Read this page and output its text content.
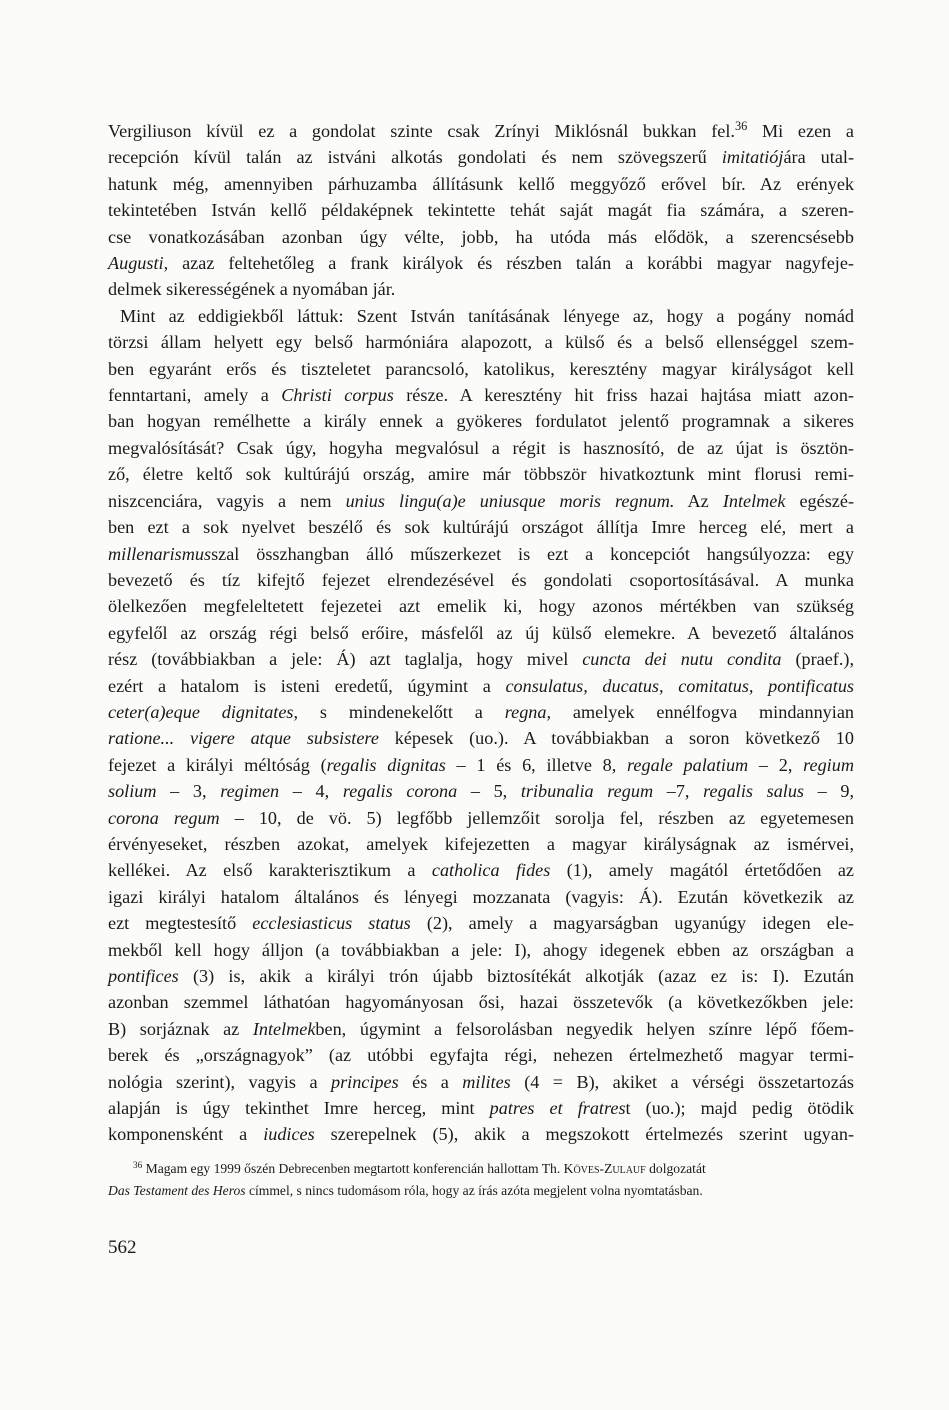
Vergiliuson kívül ez a gondolat szinte csak Zrínyi Miklósnál bukkan fel.$^{36}$ Mi ezen a
recepción kívül talán az istváni alkotás gondolati és nem szövegszerű imitatiójára utal-
hatunk még, amennyiben párhuzamba állításunk kellő meggyőző erővel bír. Az erények
tekintetében István kellő példaképnek tekintette tehát saját magát fia számára, a szeren-
cse vonatkozásában azonban úgy vélte, jobb, ha utóda más elődök, a szerencsésebb
Augusti, azaz feltehetőleg a frank királyok és részben talán a korábbi magyar nagyfeje-
delmek sikerességének a nyomában jár.
Mint az eddigiekből láttuk: Szent István tanításának lényege az, hogy a pogány nomád
törzsi állam helyett egy belső harmóniára alapozott, a külső és a belső ellenséggel szem-
ben egyaránt erős és tiszteletet parancsoló, katolikus, keresztény magyar királyságot kell
fenntartani, amely a Christi corpus része. A keresztény hit friss hazai hajtása miatt azon-
ban hogyan remélhette a király ennek a gyökeres fordulatot jelentő programnak a sikeres
megvalósítását? Csak úgy, hogyha megvalósul a régit is hasznosító, de az újat is ösztön-
ző, életre keltő sok kultúrájú ország, amire már többször hivatkoztunk mint florusi remi-
niszcenciára, vagyis a nem unius lingu(a)e uniusque moris regnum. Az Intelmek egészé-
ben ezt a sok nyelvet beszélő és sok kultúrájú országot állítja Imre herceg elé, mert a
millenarismusszal összhangban álló műszerkezet is ezt a koncepciót hangsúlyozza: egy
bevezető és tíz kifejtő fejezet elrendezésével és gondolati csoportosításával. A munka
ölelkezően megfeleltetett fejezetei azt emelik ki, hogy azonos mértékben van szükség
egyfelől az ország régi belső erőire, másfelől az új külső elemekre. A bevezető általános
rész (továbbiakban a jele: Á) azt taglalja, hogy mivel cuncta dei nutu condita (praef.),
ezért a hatalom is isteni eredetű, úgymint a consulatus, ducatus, comitatus, pontificatus
ceter(a)eque dignitates, s mindenekelőtt a regna, amelyek ennélfogva mindannyian
ratione... vigere atque subsistere képesek (uo.). A továbbiakban a soron következő 10
fejezet a királyi méltóság (regalis dignitas – 1 és 6, illetve 8, regale palatium – 2, regium
solium – 3, regimen – 4, regalis corona – 5, tribunalia regum –7, regalis salus – 9,
corona regum – 10, de vö. 5) legfőbb jellemzőit sorolja fel, részben az egyetemesen
érvényeseket, részben azokat, amelyek kifejezetten a magyar királyságnak az ismérvei,
kellékei. Az első karakterisztikum a catholica fides (1), amely magától értetődően az
igazi királyi hatalom általános és lényegi mozzanata (vagyis: Á). Ezután következik az
ezt megtestesítő ecclesiasticus status (2), amely a magyarságban ugyanúgy idegen ele-
mekből kell hogy álljon (a továbbiakban a jele: I), ahogy idegenek ebben az országban a
pontifices (3) is, akik a királyi trón újabb biztosítékát alkotják (azaz ez is: I). Ezután
azonban szemmel láthatóan hagyományosan ősi, hazai összetevők (a következőkben jele:
B) sorjáznak az Intelmekben, úgymint a felsorolásban negyedik helyen színre lépő főem-
berek és „országnagyok” (az utóbbi egyfajta régi, nehezen értelmezhető magyar termi-
nológia szerint), vagyis a principes és a milites (4 = B), akiket a vérségi összetartozás
alapján is úgy tekinthet Imre herceg, mint patres et fratrest (uo.); majd pedig ötödik
komponensként a iudices szerepelnek (5), akik a megszokott értelmezés szerint ugyan-
$^{36}$ Magam egy 1999 őszén Debrecenben megtartott konferencián hallottam Th. Köves-Zulauf dolgozatát
Das Testament des Heros címmel, s nincs tudomásom róla, hogy az írás azóta megjelent volna nyomtatásban.
562
